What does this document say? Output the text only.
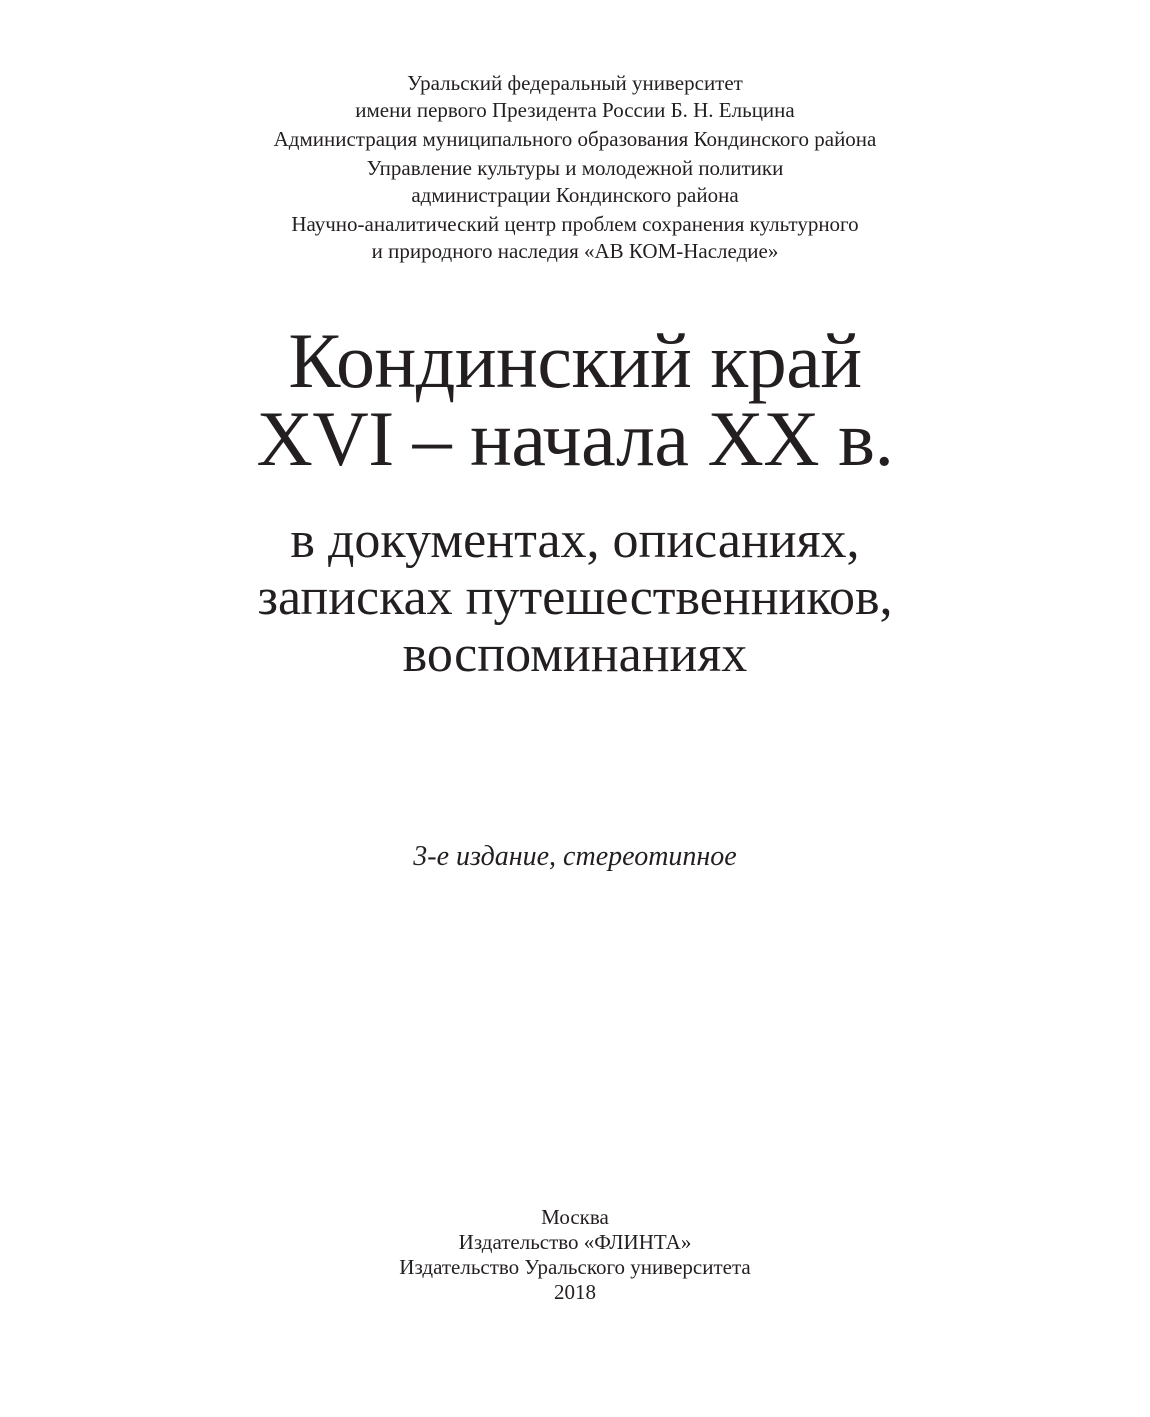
Уральский федеральный университет
имени первого Президента России Б. Н. Ельцина
Администрация муниципального образования Кондинского района
Управление культуры и молодежной политики
администрации Кондинского района
Научно-аналитический центр проблем сохранения культурного
и природного наследия «АВ КОМ-Наследие»
Кондинский край
XVI – начала XX в.
в документах, описаниях,
записках путешественников,
воспоминаниях
3-е издание, стереотипное
Москва
Издательство «ФЛИНТА»
Издательство Уральского университета
2018
